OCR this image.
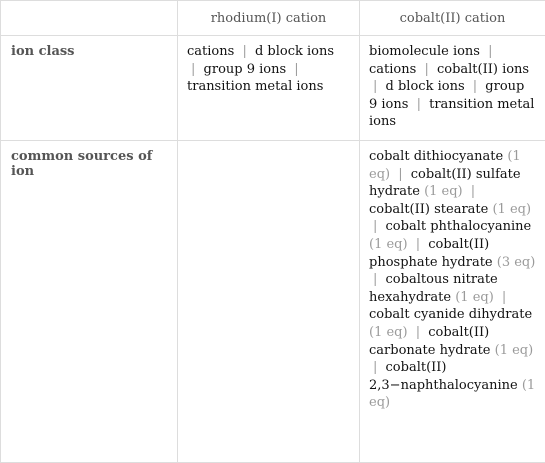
	rhodium(I) cation	cobalt(II) cation
ion class	cations | d block ions | group 9 ions | transition metal ions	biomolecule ions | cations | cobalt(II) ions | d block ions | group 9 ions | transition metal ions
common sources of ion		cobalt dithiocyanate (1 eq) | cobalt(II) sulfate hydrate (1 eq) | cobalt(II) stearate (1 eq) | cobalt phthalocyanine (1 eq) | cobalt(II) phosphate hydrate (3 eq) | cobaltous nitrate hexahydrate (1 eq) | cobalt cyanide dihydrate (1 eq) | cobalt(II) carbonate hydrate (1 eq) | cobalt(II) 2,3−naphthalocyanine (1 eq)
